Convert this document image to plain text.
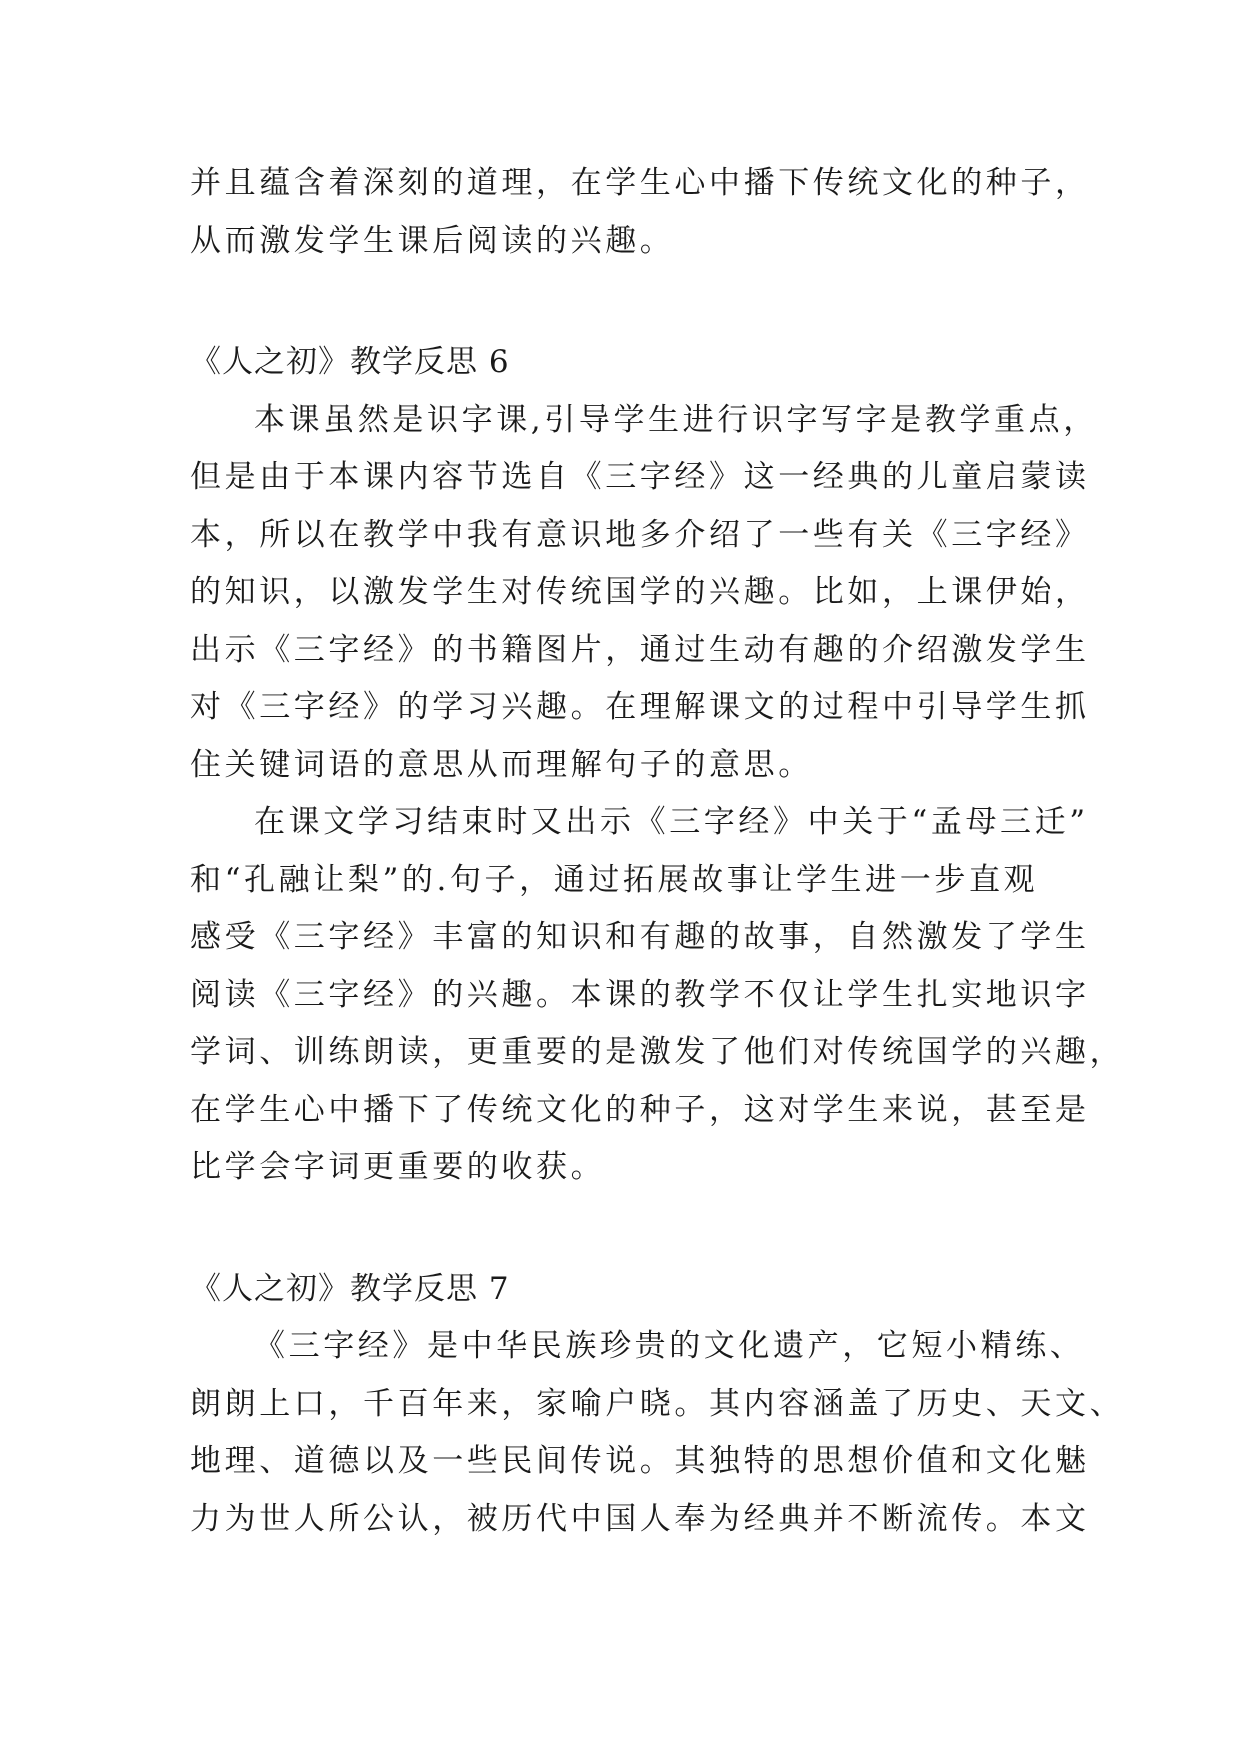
并且蕴含着深刻的道理，在学生心中播下传统文化的种子，
从而激发学生课后阅读的兴趣。
《人之初》教学反思 6
本课虽然是识字课,引导学生进行识字写字是教学重点，
但是由于本课内容节选自《三字经》这一经典的儿童启蒙读
本，所以在教学中我有意识地多介绍了一些有关《三字经》
的知识，以激发学生对传统国学的兴趣。比如，上课伊始，
出示《三字经》的书籍图片，通过生动有趣的介绍激发学生
对《三字经》的学习兴趣。在理解课文的过程中引导学生抓
住关键词语的意思从而理解句子的意思。
在课文学习结束时又出示《三字经》中关于“孟母三迁”
和“孔融让梨”的.句子，通过拓展故事让学生进一步直观
感受《三字经》丰富的知识和有趣的故事，自然激发了学生
阅读《三字经》的兴趣。本课的教学不仅让学生扎实地识字
学词、训练朗读，更重要的是激发了他们对传统国学的兴趣，
在学生心中播下了传统文化的种子，这对学生来说，甚至是
比学会字词更重要的收获。
《人之初》教学反思 7
《三字经》是中华民族珍贵的文化遗产，它短小精练、
朗朗上口，千百年来，家喻户晓。其内容涵盖了历史、天文、
地理、道德以及一些民间传说。其独特的思想价值和文化魅
力为世人所公认，被历代中国人奉为经典并不断流传。本文
